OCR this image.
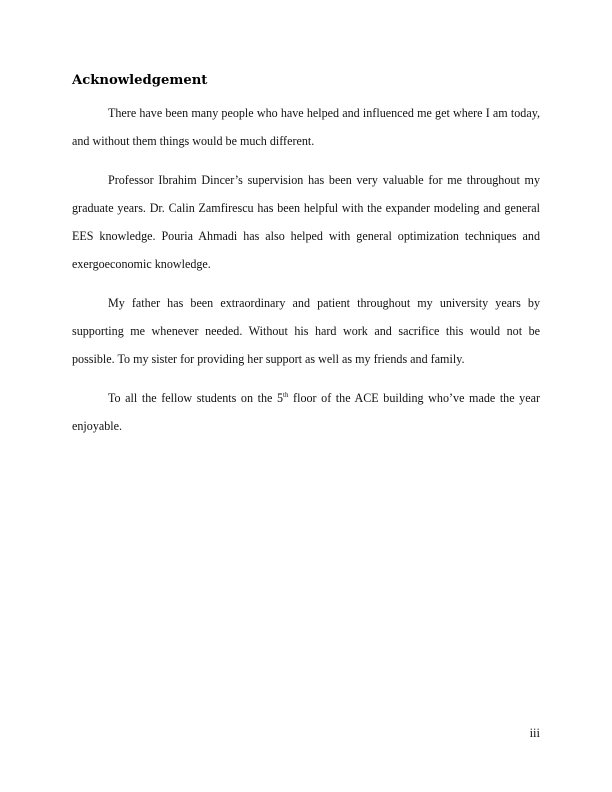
Acknowledgement

There have been many people who have helped and influenced me get where I am today, and without them things would be much different.

Professor Ibrahim Dincer’s supervision has been very valuable for me throughout my graduate years. Dr. Calin Zamfirescu has been helpful with the expander modeling and general EES knowledge. Pouria Ahmadi has also helped with general optimization techniques and exergoeconomic knowledge.

My father has been extraordinary and patient throughout my university years by supporting me whenever needed. Without his hard work and sacrifice this would not be possible. To my sister for providing her support as well as my friends and family.

To all the fellow students on the 5th floor of the ACE building who’ve made the year enjoyable.

iii
